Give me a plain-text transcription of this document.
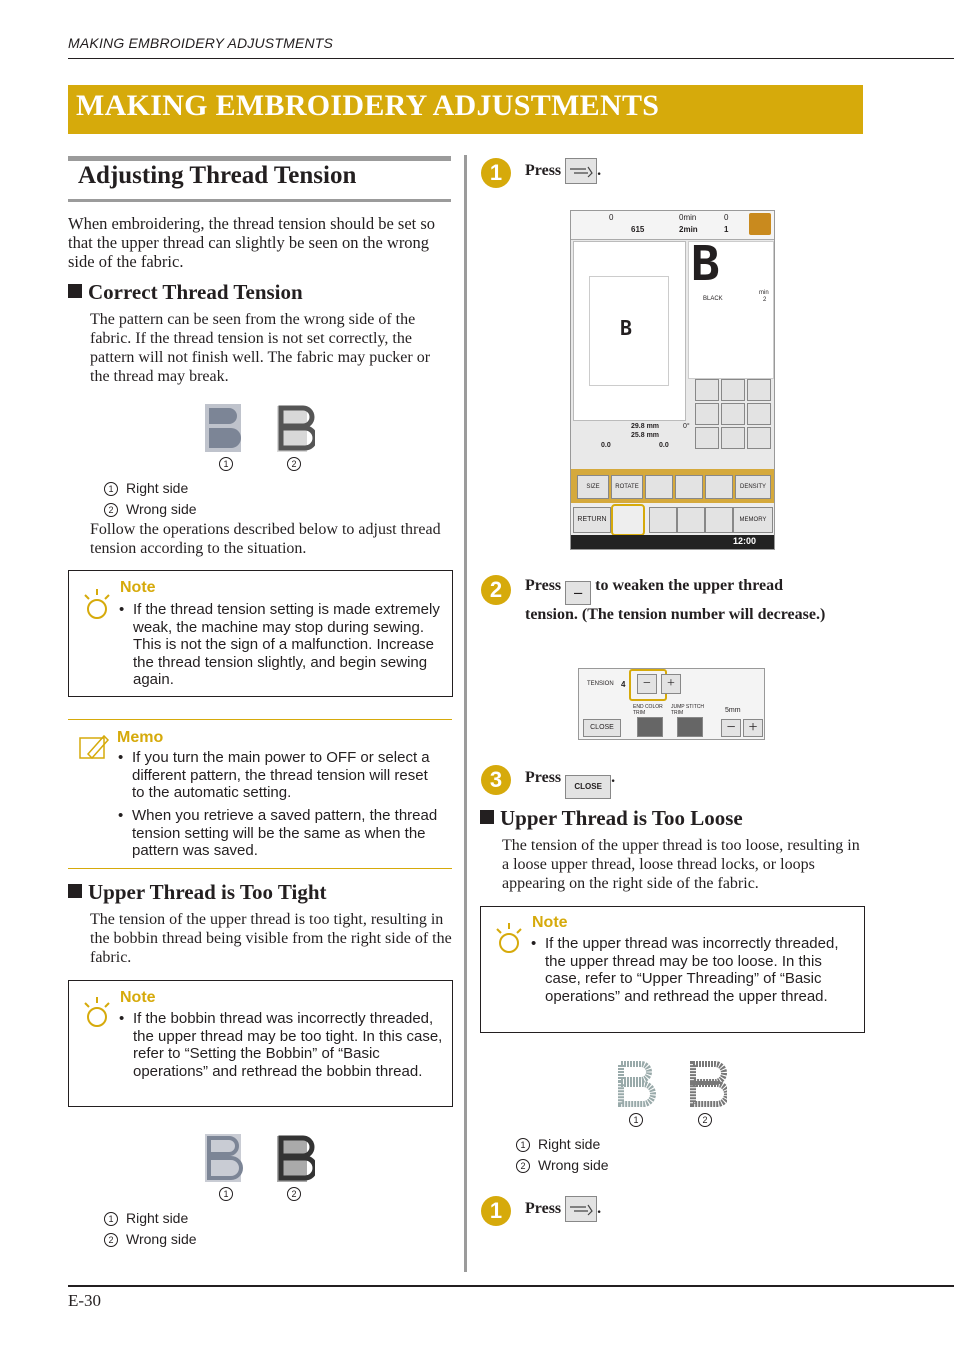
MAKING EMBROIDERY ADJUSTMENTS
MAKING EMBROIDERY ADJUSTMENTS
Adjusting Thread Tension
When embroidering, the thread tension should be set so that the upper thread can slightly be seen on the wrong side of the fabric.
Correct Thread Tension
The pattern can be seen from the wrong side of the fabric. If the thread tension is not set correctly, the pattern will not finish well. The fabric may pucker or the thread may break.
1	2
1 Right side
2 Wrong side
Follow the operations described below to adjust thread tension according to the situation.
Note
• If the thread tension setting is made extremely weak, the machine may stop during sewing. This is not the sign of a malfunction. Increase the thread tension slightly, and begin sewing again.
Memo
• If you turn the main power to OFF or select a different pattern, the thread tension will reset to the automatic setting.
• When you retrieve a saved pattern, the thread tension setting will be the same as when the pattern was saved.
Upper Thread is Too Tight
The tension of the upper thread is too tight, resulting in the bobbin thread being visible from the right side of the fabric.
Note
• If the bobbin thread was incorrectly threaded, the upper thread may be too tight. In this case, refer to “Setting the Bobbin” of “Basic operations” and rethread the bobbin thread.
1	2
1 Right side
2 Wrong side
1	Press .
0
615
0min
2min
0
1
B
B
BLACK
min
2
29.8 mm
25.8 mm
0°
0.0	0.0
SIZE	ROTATE	DENSITY
RETURN	MEMORY
12:00
2	Press – to weaken the upper thread
tension. (The tension number will decrease.)
TENSION 4	−	+
END COLOR TRIM
JUMP STITCH TRIM	5mm
CLOSE	− +
3	Press CLOSE.
Upper Thread is Too Loose
The tension of the upper thread is too loose, resulting in a loose upper thread, loose thread locks, or loops appearing on the right side of the fabric.
Note
• If the upper thread was incorrectly threaded, the upper thread may be too loose. In this case, refer to “Upper Threading” of “Basic operations” and rethread the upper thread.
1	2
1 Right side
2 Wrong side
1	Press .
E-30
